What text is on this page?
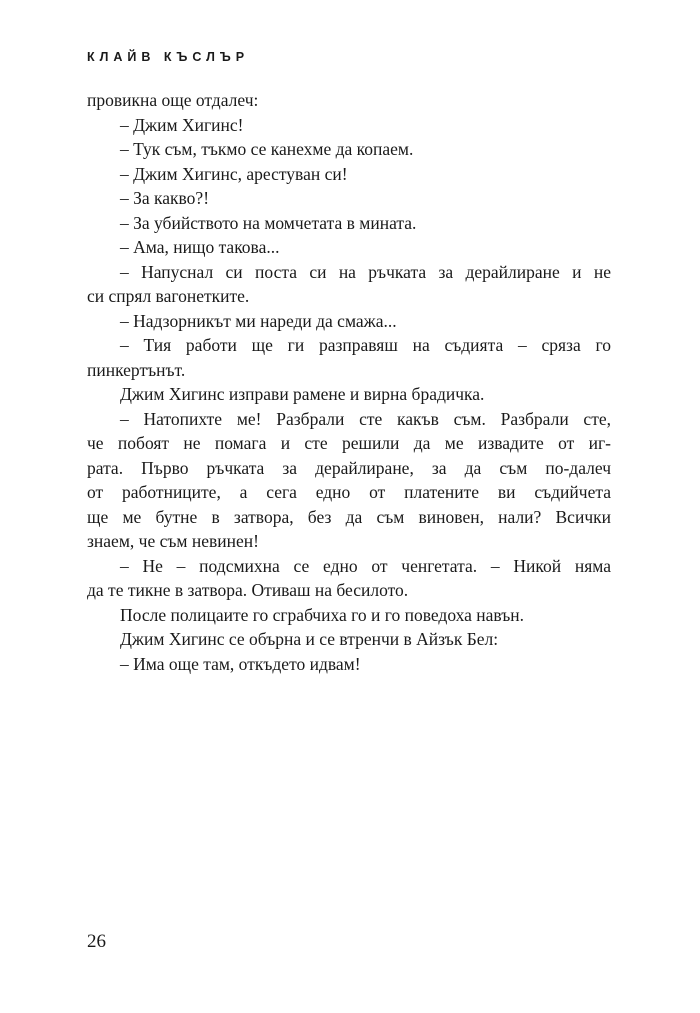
КЛАЙВ КЪСЛЪР
провикна още отдалеч:
– Джим Хигинс!
– Тук съм, тъкмо се канехме да копаем.
– Джим Хигинс, арестуван си!
– За какво?!
– За убийството на момчетата в мината.
– Ама, нищо такова...
– Напуснал си поста си на ръчката за дерайлиране и не
си спрял вагонетките.
– Надзорникът ми нареди да смажа...
– Тия работи ще ги разправяш на съдията – сряза го
пинкертънът.
Джим Хигинс изправи рамене и вирна брадичка.
– Натопихте ме! Разбрали сте какъв съм. Разбрали сте,
че побоят не помага и сте решили да ме извадите от иг-
рата. Първо ръчката за дерайлиране, за да съм по-далеч
от работниците, а сега едно от платените ви съдийчета
ще ме бутне в затвора, без да съм виновен, нали? Всички
знаем, че съм невинен!
– Не – подсмихна се едно от ченгетата. – Никой няма
да те тикне в затвора. Отиваш на бесилото.
После полицаите го сграбчиха го и го поведоха навън.
Джим Хигинс се обърна и се втренчи в Айзък Бел:
– Има още там, откъдето идвам!
26
